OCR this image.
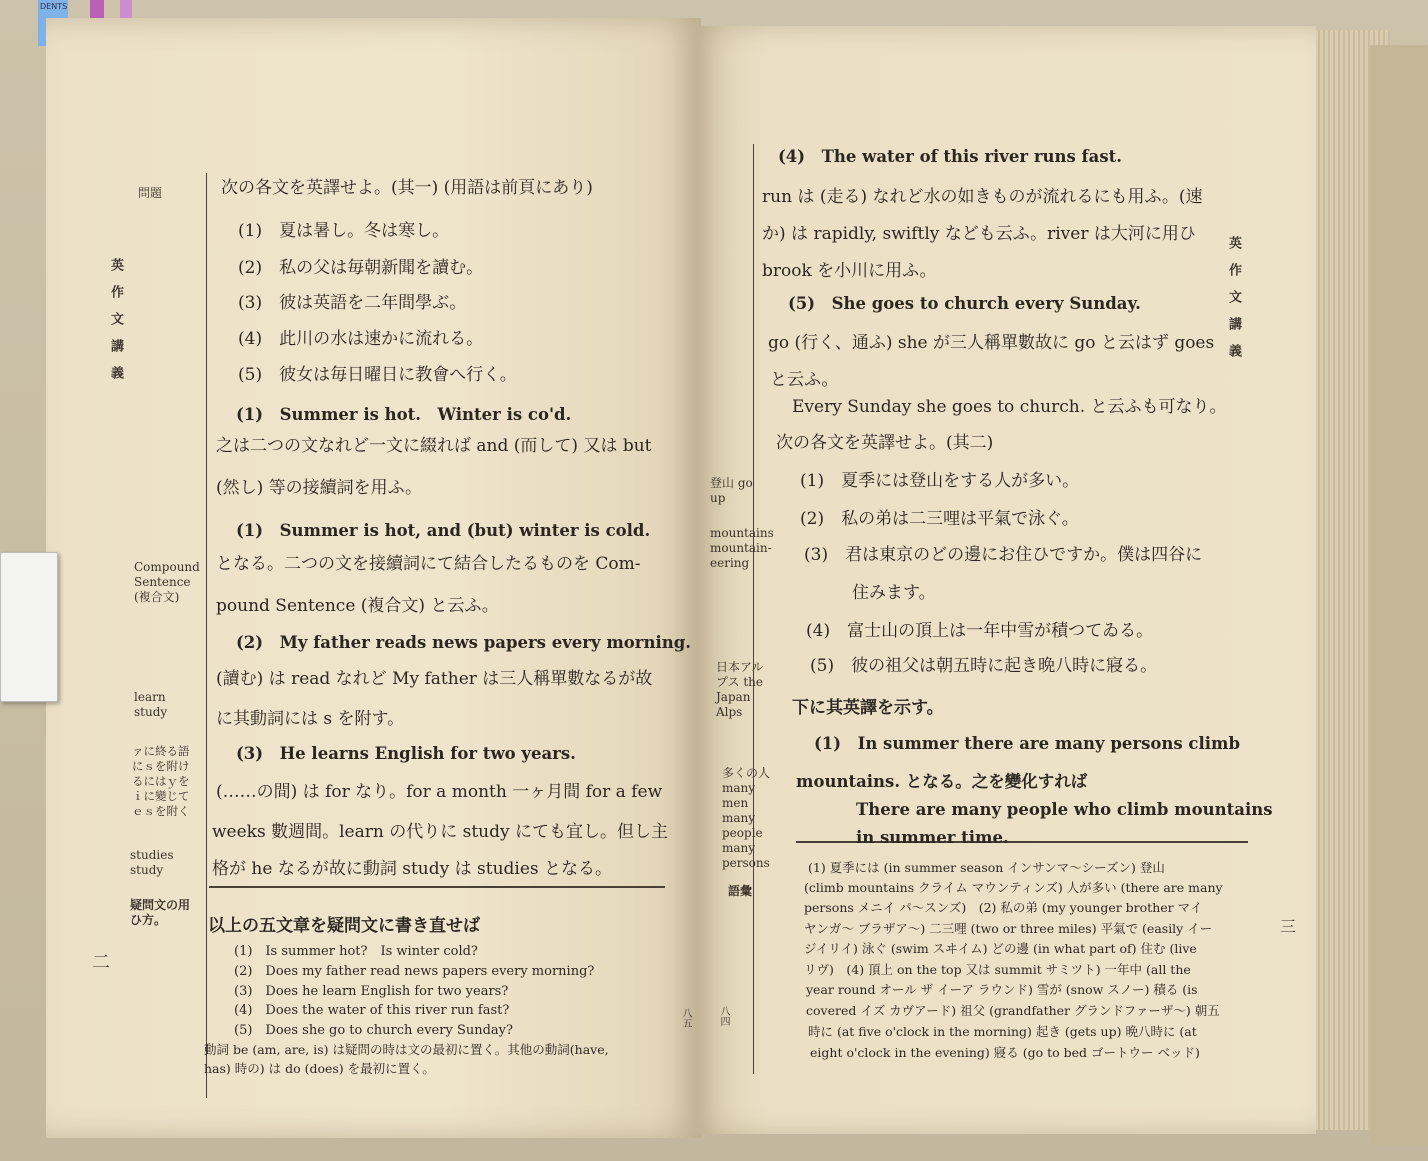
DENTS
英作文講義
二
八五
問題
Compound Sentence (複合文)
learn study
ァに終る語にｓを附けるにはｙをｉに變じてｅｓを附く
studies study
疑問文の用ひ方。
次の各文を英譯せよ。(其一) (用語は前頁にあり)
(1)　夏は暑し。冬は寒し。
(2)　私の父は毎朝新聞を讀む。
(3)　彼は英語を二年間學ぶ。
(4)　此川の水は速かに流れる。
(5)　彼女は毎日曜日に教會へ行く。
(1)　Summer is hot.　Winter is co'd.
之は二つの文なれど一文に綴れば and (而して) 又は but
(然し) 等の接續詞を用ふ。
(1)　Summer is hot, and (but) winter is cold.
となる。二つの文を接續詞にて結合したるものを Com-
pound Sentence (複合文) と云ふ。
(2)　My father reads news papers every morning.
(讀む) は read なれど My father は三人稱單數なるが故
に其動詞には s を附す。
(3)　He learns English for two years.
(……の間) は for なり。for a month 一ヶ月間 for a few
weeks 數週間。learn の代りに study にても宜し。但し主
格が he なるが故に動詞 study は studies となる。
以上の五文章を疑問文に書き直せば
(1)　Is summer hot?　Is winter cold?
(2)　Does my father read news papers every morning?
(3)　Does he learn English for two years?
(4)　Does the water of this river run fast?
(5)　Does she go to church every Sunday?
動詞 be (am, are, is) は疑問の時は文の最初に置く。其他の動詞(have,
has) 時の) は do (does) を最初に置く。
英作文講義
三
八四
登山 go up
mountains mountain-eering
日本アルプス the Japan Alps
多くの人 many men many people many persons
語彙
(4)　The water of this river runs fast.
run は (走る) なれど水の如きものが流れるにも用ふ。(速
か) は rapidly, swiftly なども云ふ。river は大河に用ひ
brook を小川に用ふ。
(5)　She goes to church every Sunday.
go (行く、通ふ) she が三人稱單數故に go と云はず goes
と云ふ。
Every Sunday she goes to church. と云ふも可なり。
次の各文を英譯せよ。(其二)
(1)　夏季には登山をする人が多い。
(2)　私の弟は二三哩は平氣で泳ぐ。
(3)　君は東京のどの邊にお住ひですか。僕は四谷に
住みます。
(4)　富士山の頂上は一年中雪が積つてゐる。
(5)　彼の祖父は朝五時に起き晩八時に寢る。
下に其英譯を示す。
(1)　In summer there are many persons climb
mountains. となる。之を變化すれば
There are many people who climb mountains
in summer time.
(1) 夏季には (in summer season インサンマ～シーズン) 登山
(climb mountains クライム マウンティンズ) 人が多い (there are many
persons メニイ パ～スンズ)　(2) 私の弟 (my younger brother マイ
ヤンガ～ ブラザア～) 二三哩 (two or three miles) 平氣で (easily イー
ジイリイ) 泳ぐ (swim スヰイム) どの邊 (in what part of) 住む (live
リヴ)　(4) 頂上 on the top 又は summit サミツト) 一年中 (all the
year round オール ザ イーア ラウンド) 雪が (snow スノー) 積る (is
covered イズ カヴアード) 祖父 (grandfather グランドファーザ～) 朝五
時に (at five o'clock in the morning) 起き (gets up) 晩八時に (at
eight o'clock in the evening) 寢る (go to bed ゴートウー ベッド)
